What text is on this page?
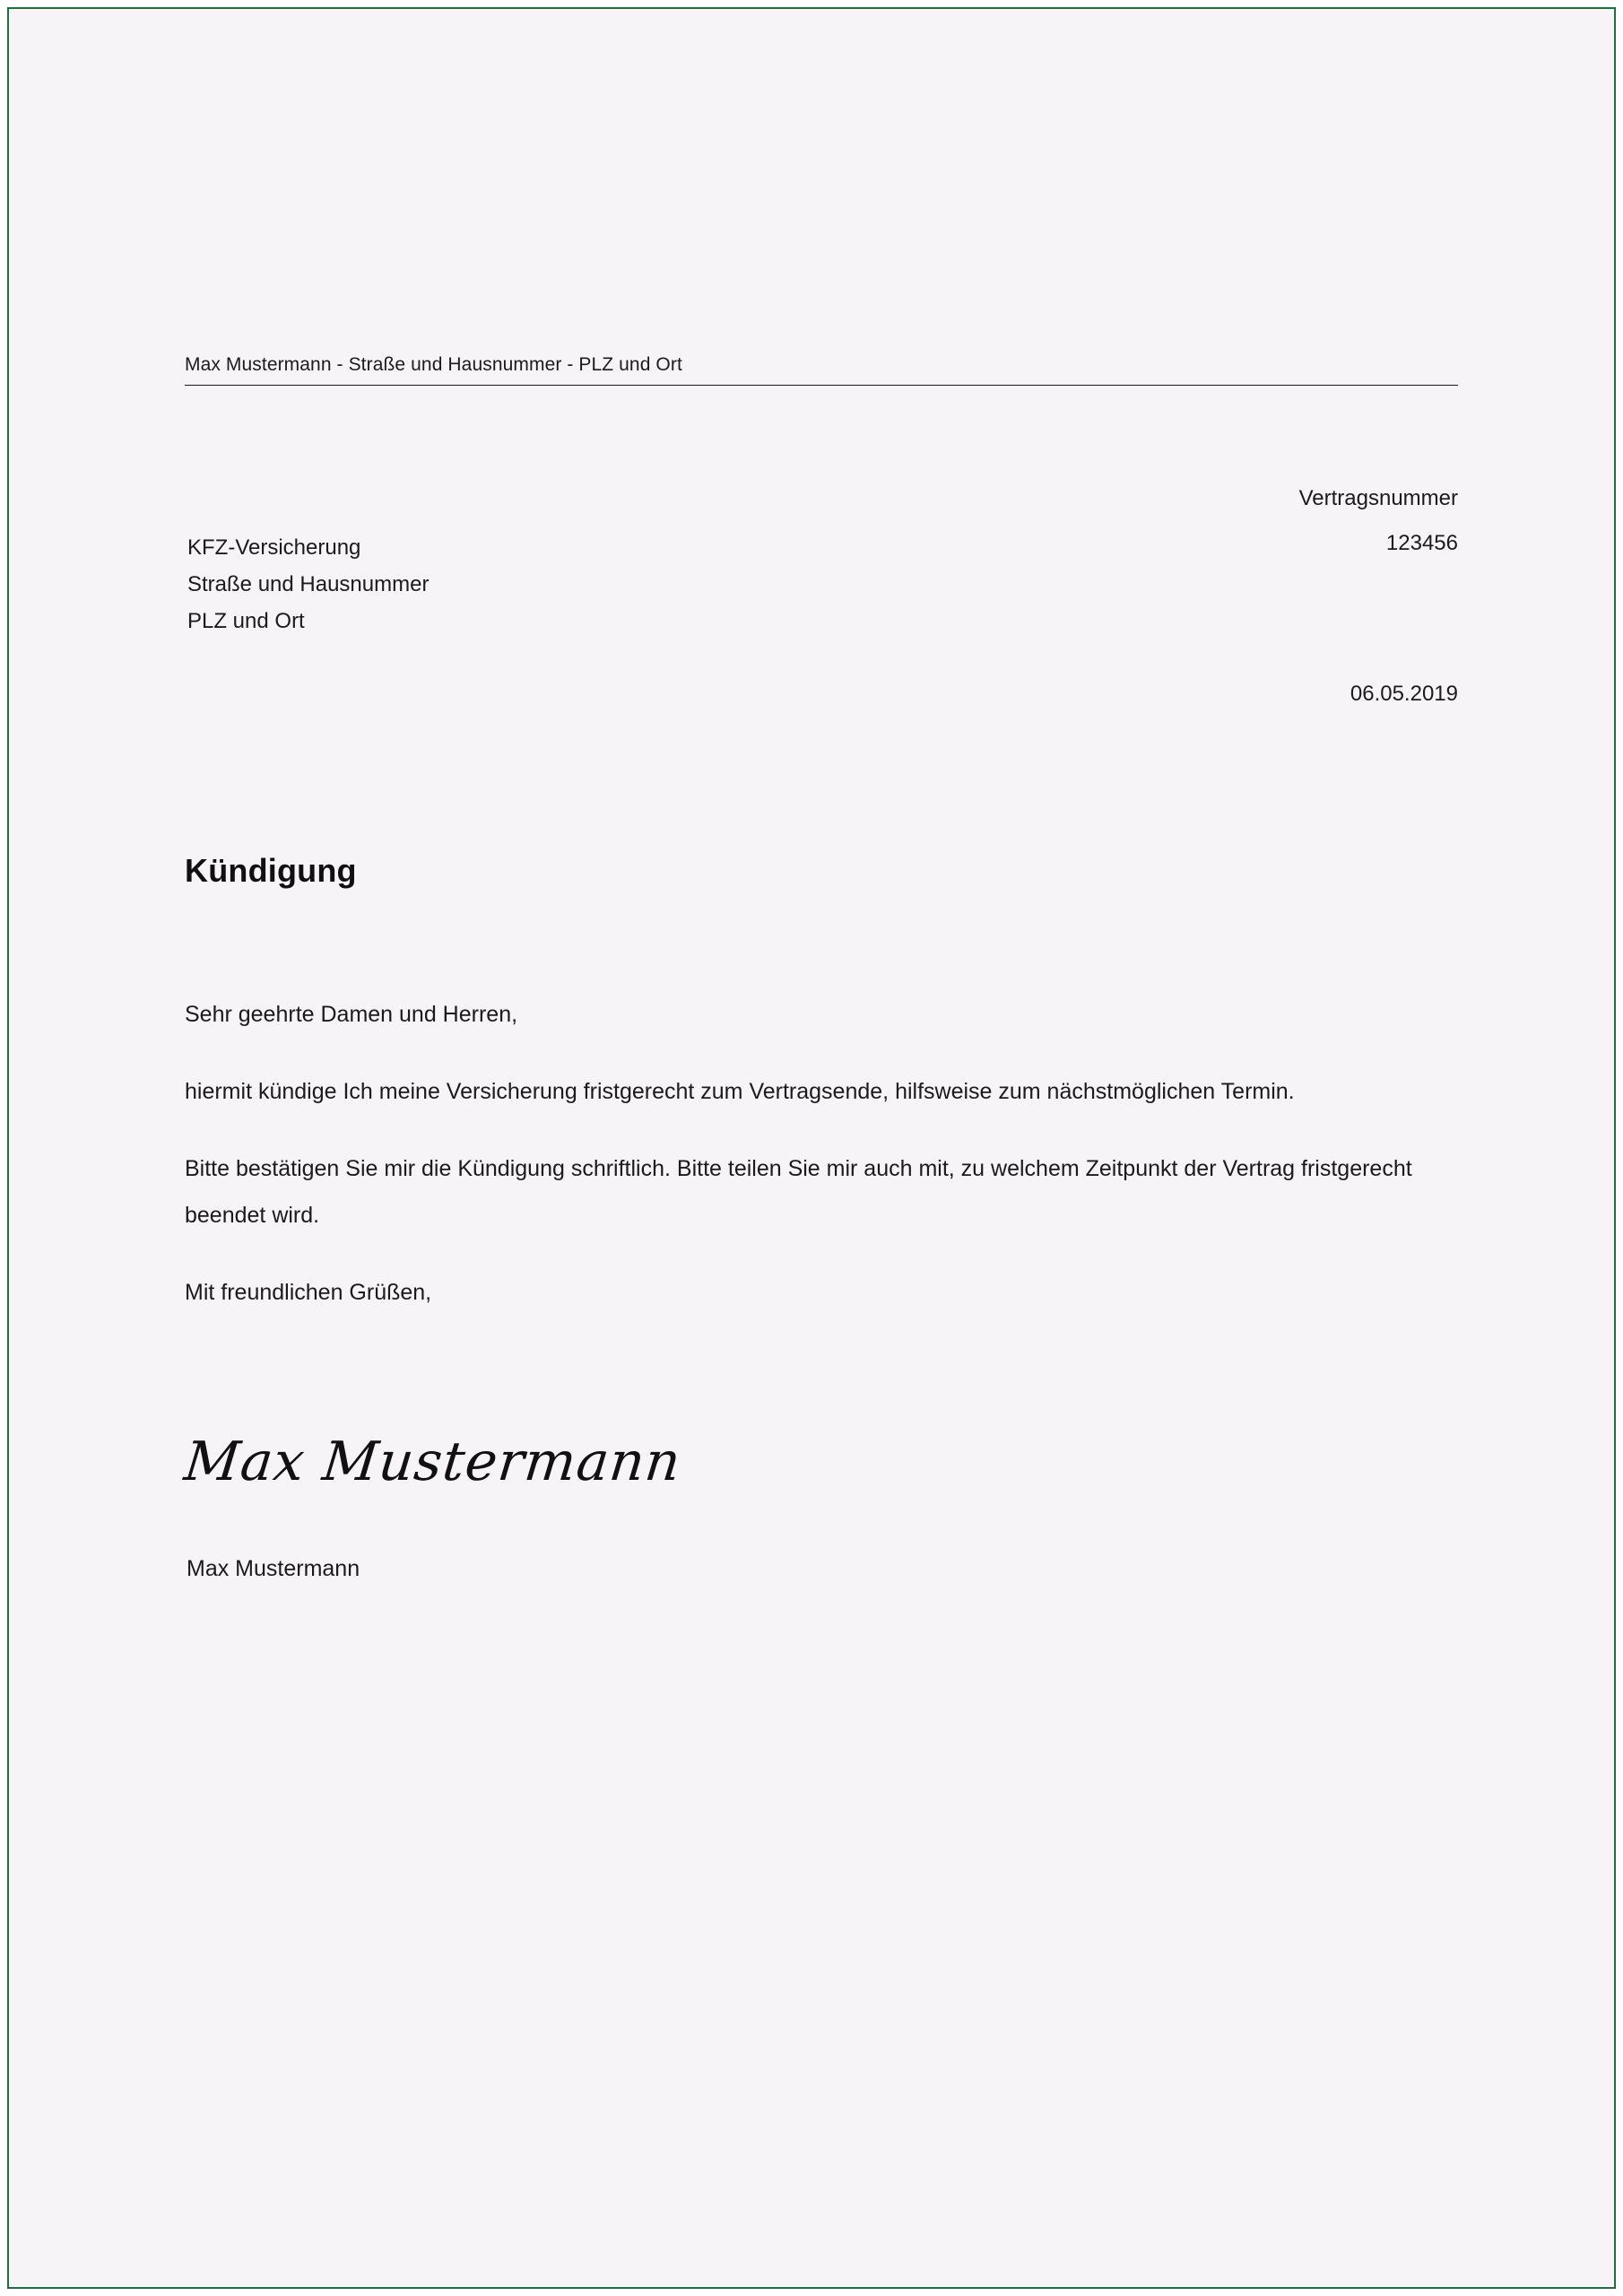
Max Mustermann - Straße und Hausnummer - PLZ und Ort
Vertragsnummer
123456
KFZ-Versicherung
Straße und Hausnummer
PLZ und Ort
06.05.2019
Kündigung

Sehr geehrte Damen und Herren,

hiermit kündige Ich meine Versicherung fristgerecht zum Vertragsende, hilfsweise zum nächstmöglichen Termin.

Bitte bestätigen Sie mir die Kündigung schriftlich. Bitte teilen Sie mir auch mit, zu welchem Zeitpunkt der Vertrag fristgerecht beendet wird.

Mit freundlichen Grüßen,

Max Mustermann
Max Mustermann
